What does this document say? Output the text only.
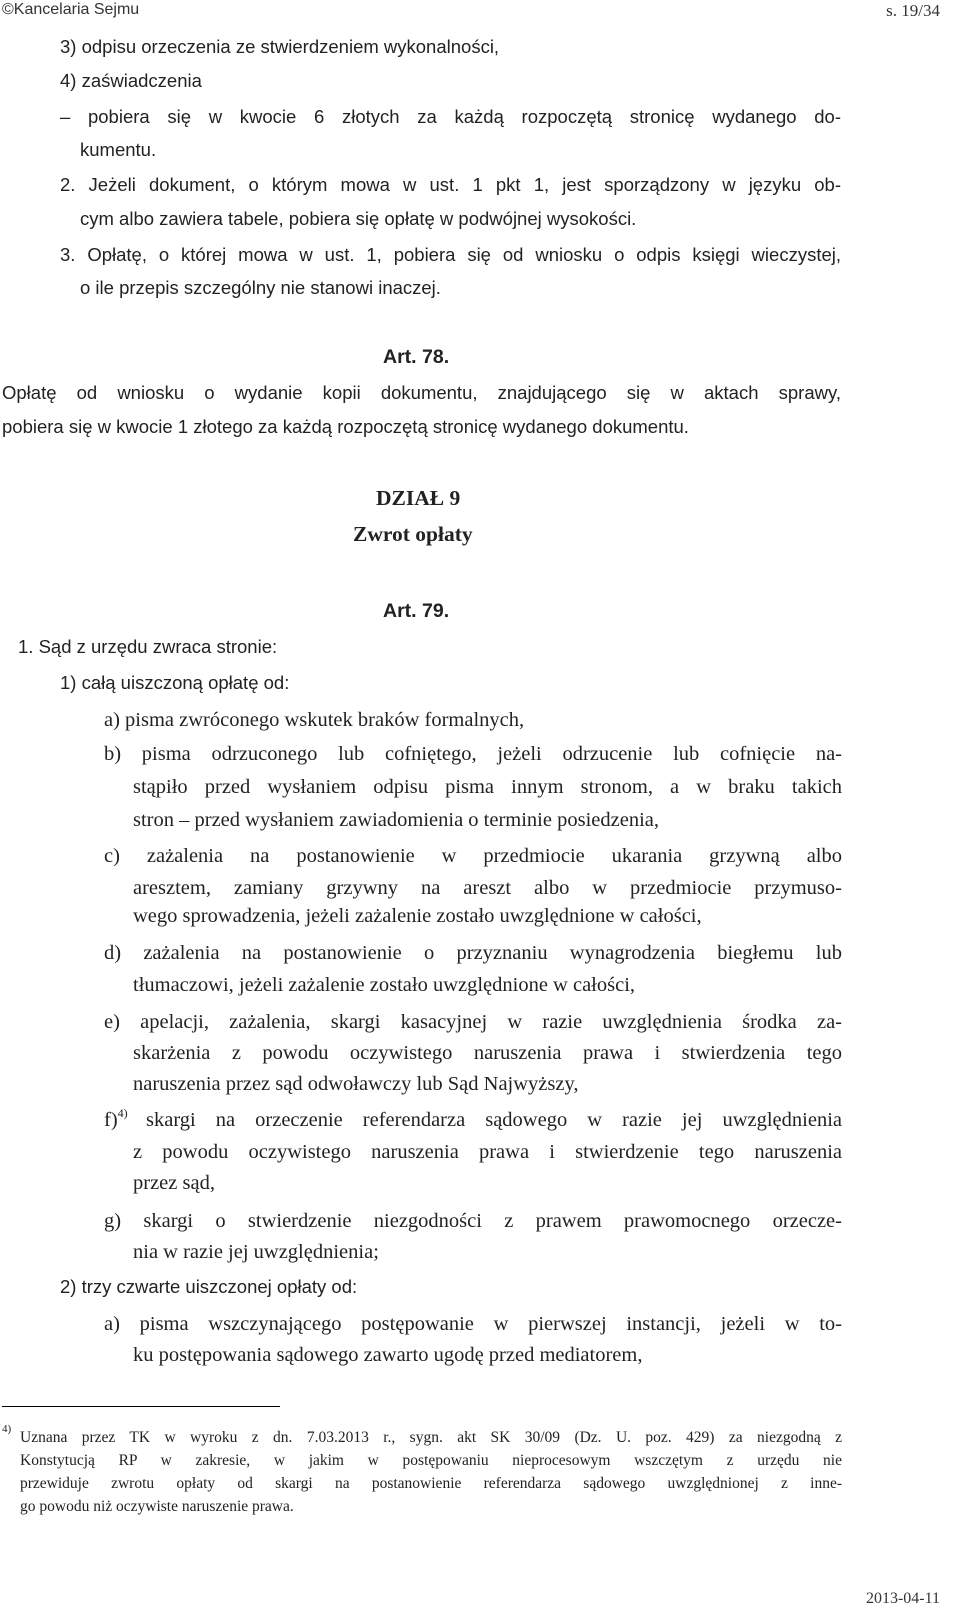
©Kancelaria Sejmu	s. 19/34
3) odpisu orzeczenia ze stwierdzeniem wykonalności,
4) zaświadczenia
– pobiera się w kwocie 6 złotych za każdą rozpoczętą stronicę wydanego do-
kumentu.
2. Jeżeli dokument, o którym mowa w ust. 1 pkt 1, jest sporządzony w języku ob-
cym albo zawiera tabele, pobiera się opłatę w podwójnej wysokości.
3. Opłatę, o której mowa w ust. 1, pobiera się od wniosku o odpis księgi wieczystej,
o ile przepis szczególny nie stanowi inaczej.
Art. 78.
Opłatę od wniosku o wydanie kopii dokumentu, znajdującego się w aktach sprawy,
pobiera się w kwocie 1 złotego za każdą rozpoczętą stronicę wydanego dokumentu.
DZIAŁ 9
Zwrot opłaty
Art. 79.
1. Sąd z urzędu zwraca stronie:
1) całą uiszczoną opłatę od:
a) pisma zwróconego wskutek braków formalnych,
b) pisma odrzuconego lub cofniętego, jeżeli odrzucenie lub cofnięcie na-
stąpiło przed wysłaniem odpisu pisma innym stronom, a w braku takich
stron – przed wysłaniem zawiadomienia o terminie posiedzenia,
c) zażalenia na postanowienie w przedmiocie ukarania grzywną albo
aresztem, zamiany grzywny na areszt albo w przedmiocie przymuso-
wego sprowadzenia, jeżeli zażalenie zostało uwzględnione w całości,
d) zażalenia na postanowienie o przyznaniu wynagrodzenia biegłemu lub
tłumaczowi, jeżeli zażalenie zostało uwzględnione w całości,
e) apelacji, zażalenia, skargi kasacyjnej w razie uwzględnienia środka za-
skarżenia z powodu oczywistego naruszenia prawa i stwierdzenia tego
naruszenia przez sąd odwoławczy lub Sąd Najwyższy,
f)$^{4)}$ skargi na orzeczenie referendarza sądowego w razie jej uwzględnienia
z powodu oczywistego naruszenia prawa i stwierdzenie tego naruszenia
przez sąd,
g) skargi o stwierdzenie niezgodności z prawem prawomocnego orzecze-
nia w razie jej uwzględnienia;
2) trzy czwarte uiszczonej opłaty od:
a) pisma wszczynającego postępowanie w pierwszej instancji, jeżeli w to-
ku postępowania sądowego zawarto ugodę przed mediatorem,
4) Uznana przez TK w wyroku z dn. 7.03.2013 r., sygn. akt SK 30/09 (Dz. U. poz. 429) za niezgodną z
Konstytucją RP w zakresie, w jakim w postępowaniu nieprocesowym wszczętym z urzędu nie
przewiduje zwrotu opłaty od skargi na postanowienie referendarza sądowego uwzględnionej z inne-
go powodu niż oczywiste naruszenie prawa.
2013-04-11
